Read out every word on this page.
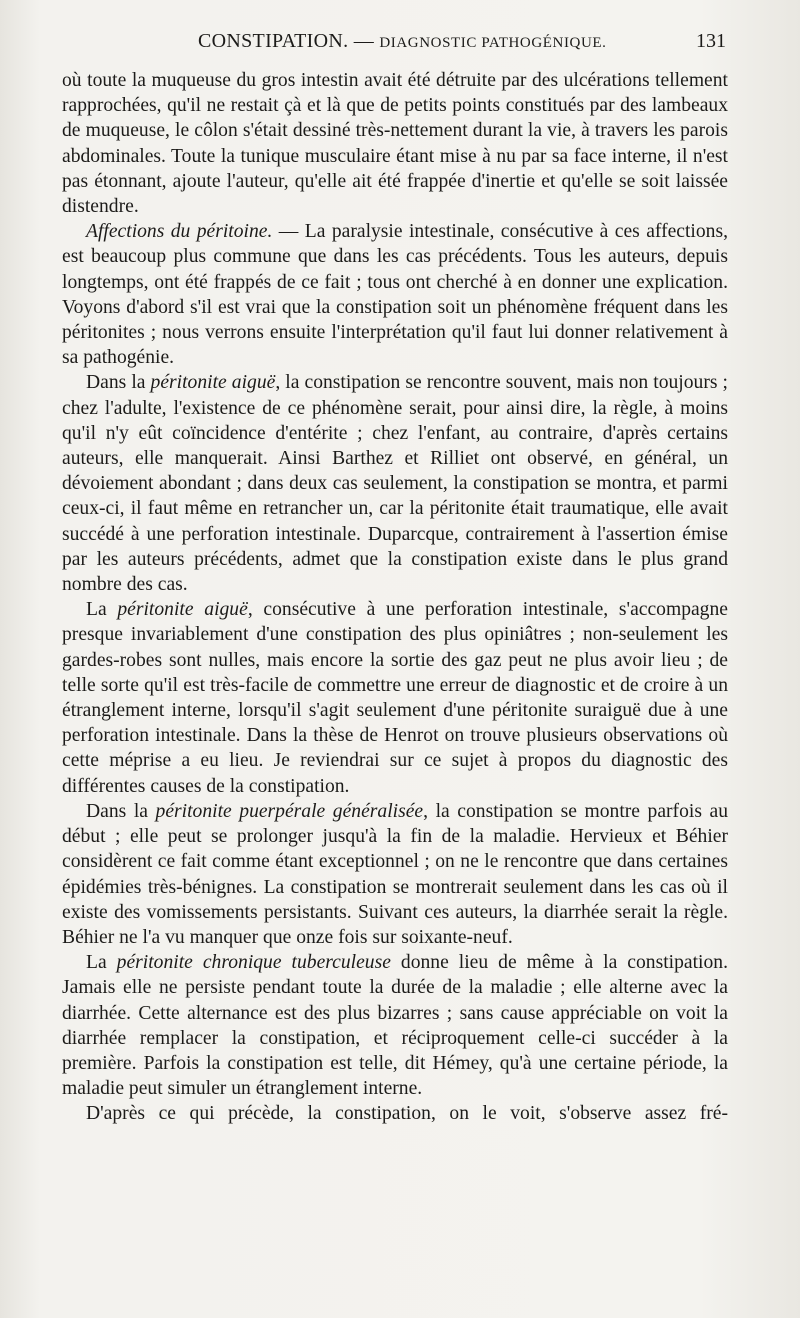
CONSTIPATION. — DIAGNOSTIC PATHOGÉNIQUE.	131

où toute la muqueuse du gros intestin avait été détruite par des ulcérations tellement rapprochées, qu'il ne restait çà et là que de petits points constitués par des lambeaux de muqueuse, le côlon s'était dessiné très-nettement durant la vie, à travers les parois abdominales. Toute la tunique musculaire étant mise à nu par sa face interne, il n'est pas étonnant, ajoute l'auteur, qu'elle ait été frappée d'inertie et qu'elle se soit laissée distendre.

Affections du péritoine. — La paralysie intestinale, consécutive à ces affections, est beaucoup plus commune que dans les cas précédents. Tous les auteurs, depuis longtemps, ont été frappés de ce fait ; tous ont cherché à en donner une explication. Voyons d'abord s'il est vrai que la constipation soit un phénomène fréquent dans les péritonites ; nous verrons ensuite l'interprétation qu'il faut lui donner relativement à sa pathogénie.

Dans la péritonite aiguë, la constipation se rencontre souvent, mais non toujours ; chez l'adulte, l'existence de ce phénomène serait, pour ainsi dire, la règle, à moins qu'il n'y eût coïncidence d'entérite ; chez l'enfant, au contraire, d'après certains auteurs, elle manquerait. Ainsi Barthez et Rilliet ont observé, en général, un dévoiement abondant ; dans deux cas seulement, la constipation se montra, et parmi ceux-ci, il faut même en retrancher un, car la péritonite était traumatique, elle avait succédé à une perforation intestinale. Duparcque, contrairement à l'assertion émise par les auteurs précédents, admet que la constipation existe dans le plus grand nombre des cas.

La péritonite aiguë, consécutive à une perforation intestinale, s'accompagne presque invariablement d'une constipation des plus opiniâtres ; non-seulement les gardes-robes sont nulles, mais encore la sortie des gaz peut ne plus avoir lieu ; de telle sorte qu'il est très-facile de commettre une erreur de diagnostic et de croire à un étranglement interne, lorsqu'il s'agit seulement d'une péritonite suraiguë due à une perforation intestinale. Dans la thèse de Henrot on trouve plusieurs observations où cette méprise a eu lieu. Je reviendrai sur ce sujet à propos du diagnostic des différentes causes de la constipation.

Dans la péritonite puerpérale généralisée, la constipation se montre parfois au début ; elle peut se prolonger jusqu'à la fin de la maladie. Hervieux et Béhier considèrent ce fait comme étant exceptionnel ; on ne le rencontre que dans certaines épidémies très-bénignes. La constipation se montrerait seulement dans les cas où il existe des vomissements persistants. Suivant ces auteurs, la diarrhée serait la règle. Béhier ne l'a vu manquer que onze fois sur soixante-neuf.

La péritonite chronique tuberculeuse donne lieu de même à la constipation. Jamais elle ne persiste pendant toute la durée de la maladie ; elle alterne avec la diarrhée. Cette alternance est des plus bizarres ; sans cause appréciable on voit la diarrhée remplacer la constipation, et réciproquement celle-ci succéder à la première. Parfois la constipation est telle, dit Hémey, qu'à une certaine période, la maladie peut simuler un étranglement interne.

D'après ce qui précède, la constipation, on le voit, s'observe assez fré-
